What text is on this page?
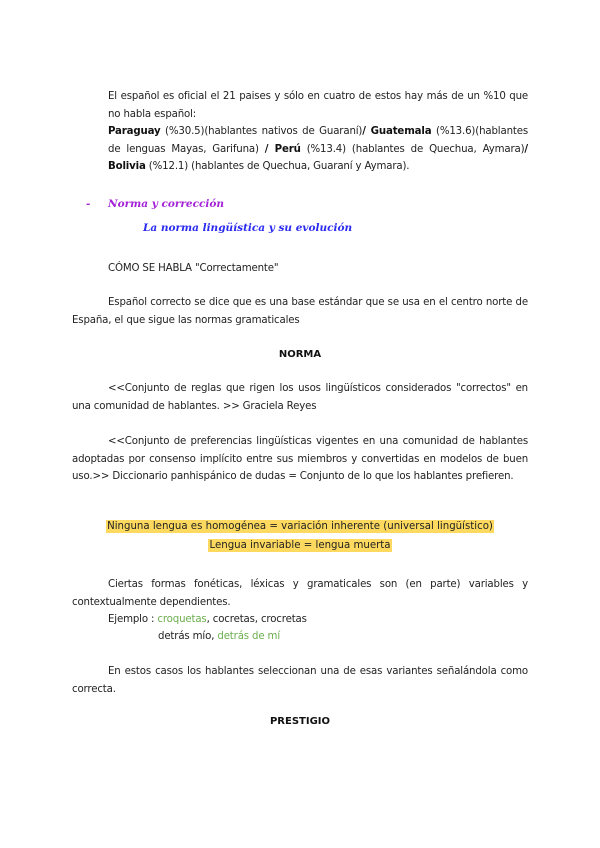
El español es oficial el 21 paises y sólo en cuatro de estos hay más de un %10 que no habla español:
Paraguay (%30.5)(hablantes nativos de Guaraní)/ Guatemala (%13.6)(hablantes de lenguas Mayas, Garifuna) / Perú (%13.4) (hablantes de Quechua, Aymara)/ Bolivia (%12.1) (hablantes de Quechua, Guaraní y Aymara).
- Norma y corrección
La norma lingüística y su evolución
CÓMO SE HABLA "Correctamente"
Español correcto se dice que es una base estándar que se usa en el centro norte de España, el que sigue las normas gramaticales
NORMA
<<Conjunto de reglas que rigen los usos lingüísticos considerados "correctos" en una comunidad de hablantes. >> Graciela Reyes
<<Conjunto de preferencias lingüísticas vigentes en una comunidad de hablantes adoptadas por consenso implícito entre sus miembros y convertidas en modelos de buen uso.>> Diccionario panhispánico de dudas = Conjunto de lo que los hablantes prefieren.
Ninguna lengua es homogénea = variación inherente (universal lingüístico)
Lengua invariable = lengua muerta
Ciertas formas fonéticas, léxicas y gramaticales son (en parte) variables y contextualmente dependientes.
Ejemplo : croquetas, cocretas, crocretas
detrás mío, detrás de mí
En estos casos los hablantes seleccionan una de esas variantes señalándola como correcta.
PRESTIGIO
